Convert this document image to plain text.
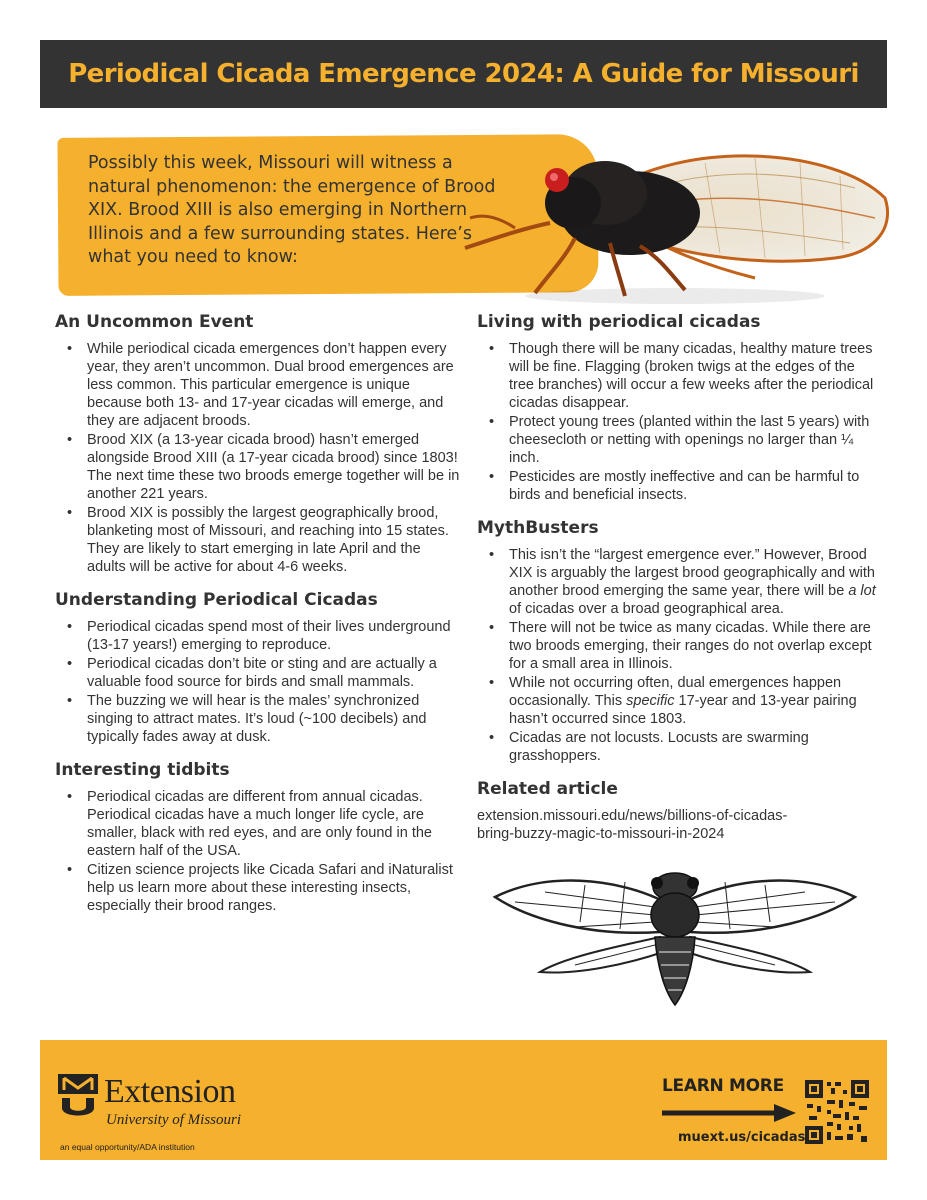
Periodical Cicada Emergence 2024: A Guide for Missouri

Possibly this week, Missouri will witness a natural phenomenon: the emergence of Brood XIX. Brood XIII is also emerging in Northern Illinois and a few surrounding states. Here’s what you need to know:

An Uncommon Event
• While periodical cicada emergences don’t happen every year, they aren’t uncommon. Dual brood emergences are less common. This particular emergence is unique because both 13- and 17-year cicadas will emerge, and they are adjacent broods.
• Brood XIX (a 13-year cicada brood) hasn’t emerged alongside Brood XIII (a 17-year cicada brood) since 1803! The next time these two broods emerge together will be in another 221 years.
• Brood XIX is possibly the largest geographically brood, blanketing most of Missouri, and reaching into 15 states. They are likely to start emerging in late April and the adults will be active for about 4-6 weeks.
Understanding Periodical Cicadas
• Periodical cicadas spend most of their lives underground (13-17 years!) emerging to reproduce.
• Periodical cicadas don’t bite or sting and are actually a valuable food source for birds and small mammals.
• The buzzing we will hear is the males’ synchronized singing to attract mates. It’s loud (~100 decibels) and typically fades away at dusk.
Interesting tidbits
• Periodical cicadas are different from annual cicadas. Periodical cicadas have a much longer life cycle, are smaller, black with red eyes, and are only found in the eastern half of the USA.
• Citizen science projects like Cicada Safari and iNaturalist help us learn more about these interesting insects, especially their brood ranges.
Living with periodical cicadas
• Though there will be many cicadas, healthy mature trees will be fine. Flagging (broken twigs at the edges of the tree branches) will occur a few weeks after the periodical cicadas disappear.
• Protect young trees (planted within the last 5 years) with cheesecloth or netting with openings no larger than ¼ inch.
• Pesticides are mostly ineffective and can be harmful to birds and beneficial insects.
MythBusters
• This isn’t the “largest emergence ever.” However, Brood XIX is arguably the largest brood geographically and with another brood emerging the same year, there will be a lot of cicadas over a broad geographical area.
• There will not be twice as many cicadas. While there are two broods emerging, their ranges do not overlap except for a small area in Illinois.
• While not occurring often, dual emergences happen occasionally. This specific 17-year and 13-year pairing hasn’t occurred since 1803.
• Cicadas are not locusts. Locusts are swarming grasshoppers.
Related article

extension.missouri.edu/news/billions-of-cicadas-bring-buzzy-magic-to-missouri-in-2024

Extension
University of Missouri
an equal opportunity/ADA institution
LEARN MORE
muext.us/cicadas
